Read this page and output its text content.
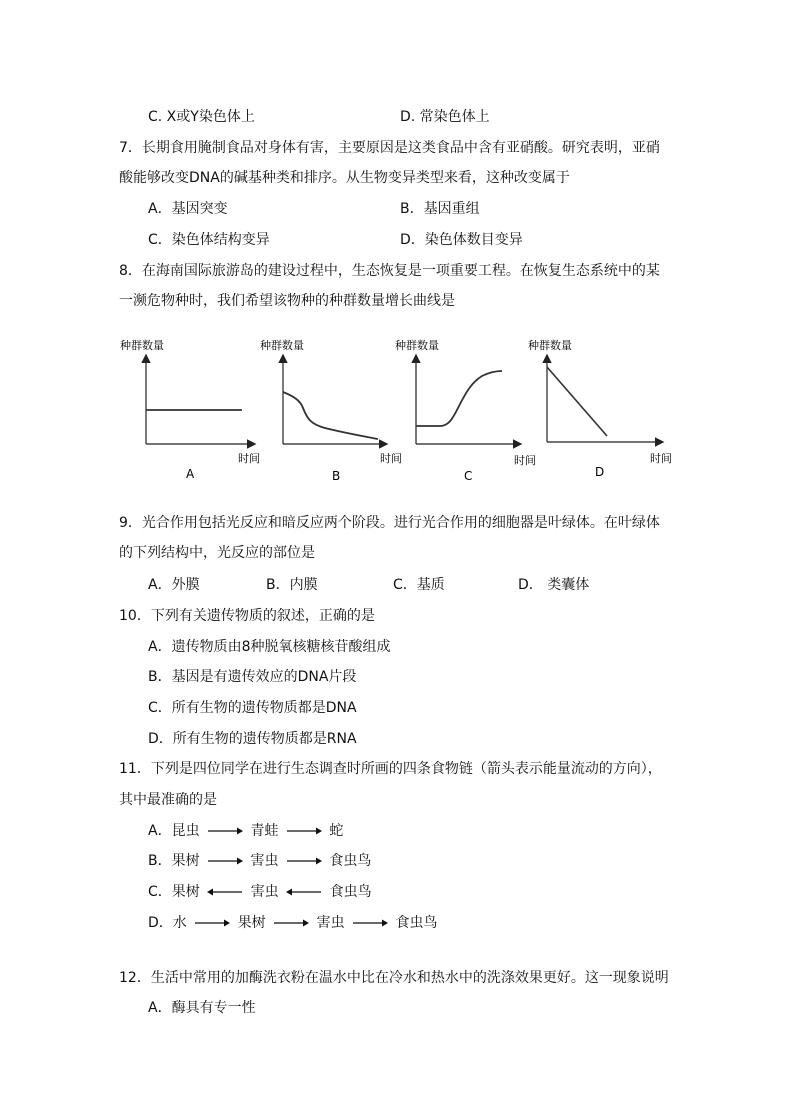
C. X或Y染色体上	D. 常染色体上
7．长期食用腌制食品对身体有害，主要原因是这类食品中含有亚硝酸。研究表明，亚硝
酸能够改变DNA的碱基种类和排序。从生物变异类型来看，这种改变属于
A．基因突变	B．基因重组
C．染色体结构变异	D．染色体数目变异
8．在海南国际旅游岛的建设过程中，生态恢复是一项重要工程。在恢复生态系统中的某
一濒危物种时，我们希望该物种的种群数量增长曲线是
种群数量
时间
A
种群数量
时间
B
种群数量
时间
C
种群数量
时间
D
9．光合作用包括光反应和暗反应两个阶段。进行光合作用的细胞器是叶绿体。在叶绿体
的下列结构中，光反应的部位是
A．外膜	B．内膜	C．基质	D． 类囊体
10．下列有关遗传物质的叙述，正确的是
A．遗传物质由8种脱氧核糖核苷酸组成
B．基因是有遗传效应的DNA片段
C．所有生物的遗传物质都是DNA
D．所有生物的遗传物质都是RNA
11．下列是四位同学在进行生态调查时所画的四条食物链（箭头表示能量流动的方向），
其中最准确的是
A．昆虫	青蛙	蛇
B．果树	害虫	食虫鸟
C．果树	害虫	食虫鸟
D．水	果树	害虫	食虫鸟
12．生活中常用的加酶洗衣粉在温水中比在冷水和热水中的洗涤效果更好。这一现象说明
A．酶具有专一性
